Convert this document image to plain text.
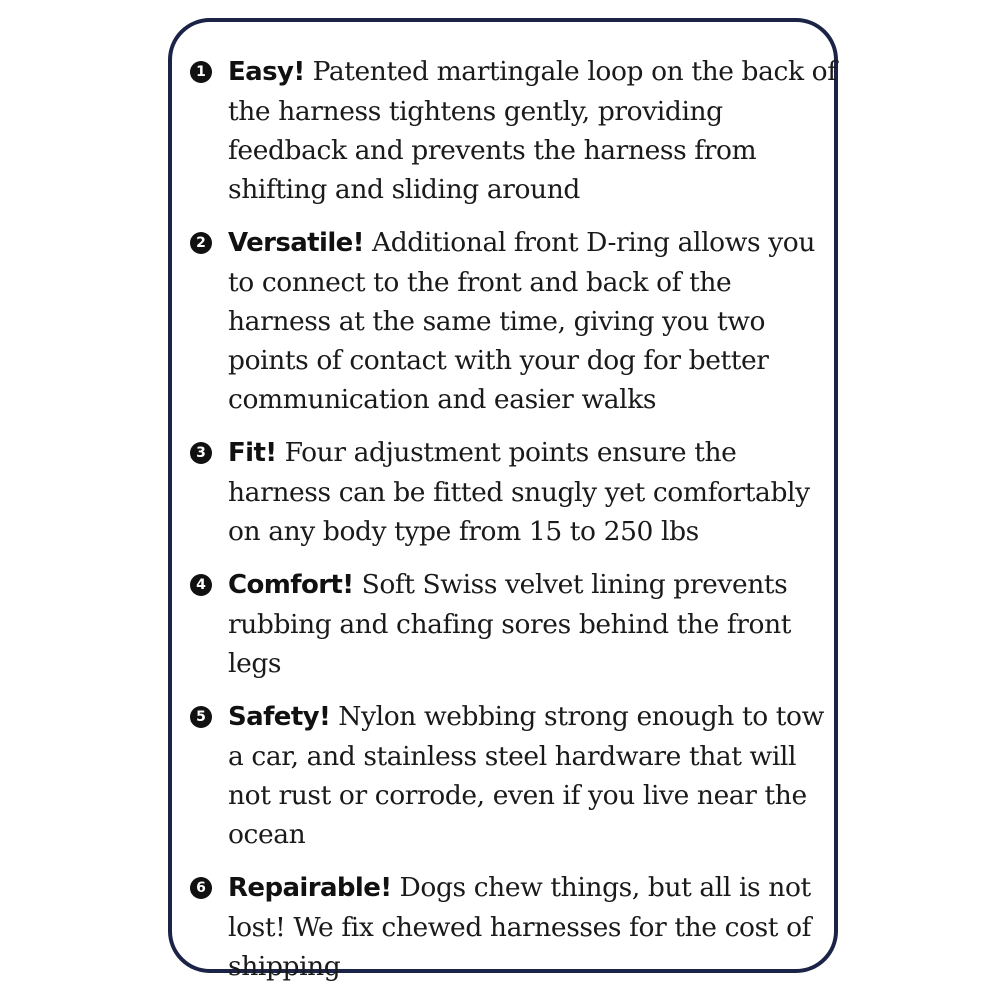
1 Easy! Patented martingale loop on the back of the harness tightens gently, providing feedback and prevents the harness from shifting and sliding around
2 Versatile! Additional front D-ring allows you to connect to the front and back of the harness at the same time, giving you two points of contact with your dog for better communication and easier walks
3 Fit! Four adjustment points ensure the harness can be fitted snugly yet comfortably on any body type from 15 to 250 lbs
4 Comfort! Soft Swiss velvet lining prevents rubbing and chafing sores behind the front legs
5 Safety! Nylon webbing strong enough to tow a car, and stainless steel hardware that will not rust or corrode, even if you live near the ocean
6 Repairable! Dogs chew things, but all is not lost! We fix chewed harnesses for the cost of shipping
